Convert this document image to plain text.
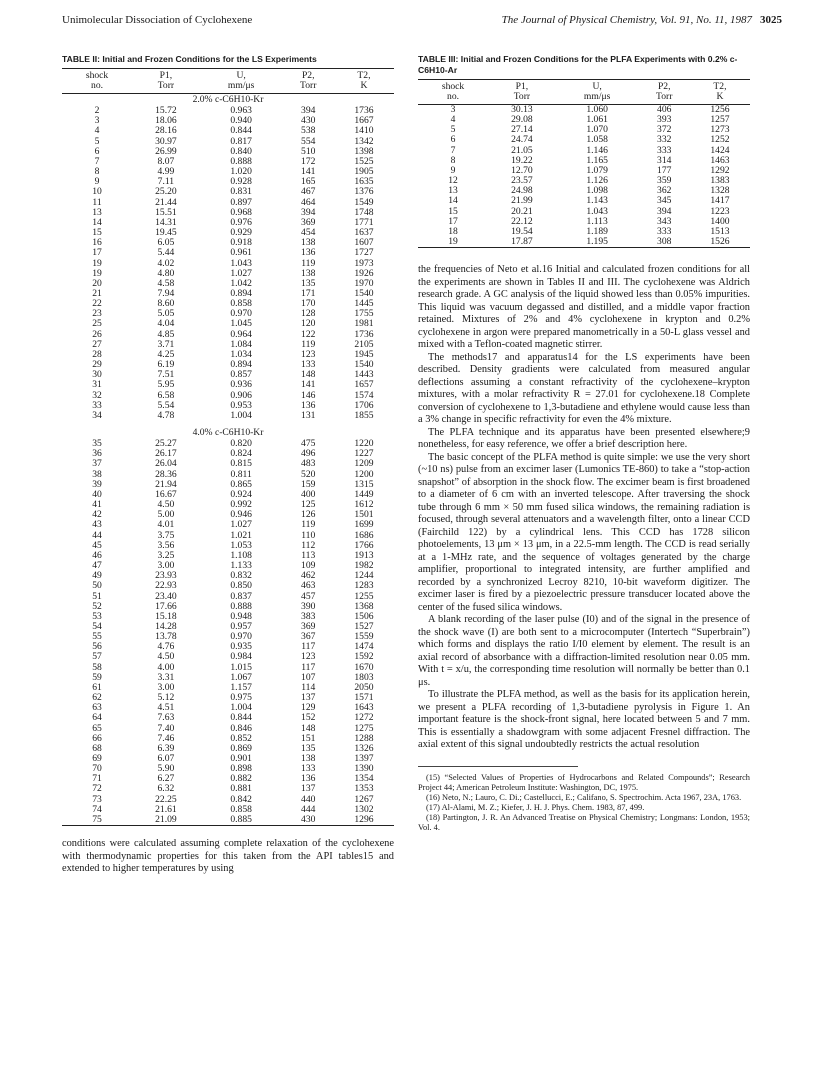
Unimolecular Dissociation of Cyclohexene	The Journal of Physical Chemistry, Vol. 91, No. 11, 1987 3025
TABLE II: Initial and Frozen Conditions for the LS Experiments
shock	P1,	U,	P2,	T2,
no.	Torr	mm/μs	Torr	K
2.0% c-C6H10-Kr				
2	15.72	0.963	394	1736
3	18.06	0.940	430	1667
4	28.16	0.844	538	1410
5	30.97	0.817	554	1342
6	26.99	0.840	510	1398
7	8.07	0.888	172	1525
8	4.99	1.020	141	1905
9	7.11	0.928	165	1635
10	25.20	0.831	467	1376
11	21.44	0.897	464	1549
13	15.51	0.968	394	1748
14	14.31	0.976	369	1771
15	19.45	0.929	454	1637
16	6.05	0.918	138	1607
17	5.44	0.961	136	1727
19	4.02	1.043	119	1973
19	4.80	1.027	138	1926
20	4.58	1.042	135	1970
21	7.94	0.894	171	1540
22	8.60	0.858	170	1445
23	5.05	0.970	128	1755
25	4.04	1.045	120	1981
26	4.85	0.964	122	1736
27	3.71	1.084	119	2105
28	4.25	1.034	123	1945
29	6.19	0.894	133	1540
30	7.51	0.857	148	1443
31	5.95	0.936	141	1657
32	6.58	0.906	146	1574
33	5.54	0.953	136	1706
34	4.78	1.004	131	1855
4.0% c-C6H10-Kr				
35	25.27	0.820	475	1220
36	26.17	0.824	496	1227
37	26.04	0.815	483	1209
38	28.36	0.811	520	1200
39	21.94	0.865	159	1315
40	16.67	0.924	400	1449
41	4.50	0.992	125	1612
42	5.00	0.946	126	1501
43	4.01	1.027	119	1699
44	3.75	1.021	110	1686
45	3.56	1.053	112	1766
46	3.25	1.108	113	1913
47	3.00	1.133	109	1982
49	23.93	0.832	462	1244
50	22.93	0.850	463	1283
51	23.40	0.837	457	1255
52	17.66	0.888	390	1368
53	15.18	0.948	383	1506
54	14.28	0.957	369	1527
55	13.78	0.970	367	1559
56	4.76	0.935	117	1474
57	4.50	0.984	123	1592
58	4.00	1.015	117	1670
59	3.31	1.067	107	1803
61	3.00	1.157	114	2050
62	5.12	0.975	137	1571
63	4.51	1.004	129	1643
64	7.63	0.844	152	1272
65	7.40	0.846	148	1275
66	7.46	0.852	151	1288
68	6.39	0.869	135	1326
69	6.07	0.901	138	1397
70	5.90	0.898	133	1390
71	6.27	0.882	136	1354
72	6.32	0.881	137	1353
73	22.25	0.842	440	1267
74	21.61	0.858	444	1302
75	21.09	0.885	430	1296
conditions were calculated assuming complete relaxation of the cyclohexene with thermodynamic properties for this taken from the API tables15 and extended to higher temperatures by using
TABLE III: Initial and Frozen Conditions for the PLFA Experiments with 0.2% c-C6H10-Ar
shock	P1,	U,	P2,	T2,
no.	Torr	mm/μs	Torr	K
3	30.13	1.060	406	1256
4	29.08	1.061	393	1257
5	27.14	1.070	372	1273
6	24.74	1.058	332	1252
7	21.05	1.146	333	1424
8	19.22	1.165	314	1463
9	12.70	1.079	177	1292
12	23.57	1.126	359	1383
13	24.98	1.098	362	1328
14	21.99	1.143	345	1417
15	20.21	1.043	394	1223
17	22.12	1.113	343	1400
18	19.54	1.189	333	1513
19	17.87	1.195	308	1526

the frequencies of Neto et al.16 Initial and calculated frozen conditions for all the experiments are shown in Tables II and III. The cyclohexene was Aldrich research grade. A GC analysis of the liquid showed less than 0.05% impurities. This liquid was vacuum degassed and distilled, and a middle vapor fraction retained. Mixtures of 2% and 4% cyclohexene in krypton and 0.2% cyclohexene in argon were prepared manometrically in a 50-L glass vessel and mixed with a Teflon-coated magnetic stirrer.

The methods17 and apparatus14 for the LS experiments have been described. Density gradients were calculated from measured angular deflections assuming a constant refractivity of the cyclohexene–krypton mixtures, with a molar refractivity R = 27.01 for cyclohexene.18 Complete conversion of cyclohexene to 1,3-butadiene and ethylene would cause less than a 3% change in specific refractivity for even the 4% mixture.

The PLFA technique and its apparatus have been presented elsewhere;9 nonetheless, for easy reference, we offer a brief description here.

The basic concept of the PLFA method is quite simple: we use the very short (~10 ns) pulse from an excimer laser (Lumonics TE-860) to take a “stop-action snapshot” of absorption in the shock flow. The excimer beam is first broadened to a diameter of 6 cm with an inverted telescope. After traversing the shock tube through 6 mm × 50 mm fused silica windows, the remaining radiation is focused, through several attenuators and a wavelength filter, onto a linear CCD (Fairchild 122) by a cylindrical lens. This CCD has 1728 silicon photoelements, 13 μm × 13 μm, in a 22.5-mm length. The CCD is read serially at a 1-MHz rate, and the sequence of voltages generated by the charge amplifier, proportional to integrated intensity, are further amplified and recorded by a synchronized Lecroy 8210, 10-bit waveform digitizer. The excimer laser is fired by a piezoelectric pressure transducer located above the center of the fused silica windows.

A blank recording of the laser pulse (I0) and of the signal in the presence of the shock wave (I) are both sent to a microcomputer (Intertech “Superbrain”) which forms and displays the ratio I/I0 element by element. The result is an axial record of absorbance with a diffraction-limited resolution near 0.05 mm. With t = x/u, the corresponding time resolution will normally be better than 0.1 μs.

To illustrate the PLFA method, as well as the basis for its application herein, we present a PLFA recording of 1,3-butadiene pyrolysis in Figure 1. An important feature is the shock-front signal, here located between 5 and 7 mm. This is essentially a shadowgram with some adjacent Fresnel diffraction. The axial extent of this signal undoubtedly restricts the actual resolution

(15) “Selected Values of Properties of Hydrocarbons and Related Compounds”; Research Project 44; American Petroleum Institute: Washington, DC, 1975.

(16) Neto, N.; Lauro, C. Di.; Castellucci, E.; Califano, S. Spectrochim. Acta 1967, 23A, 1763.

(17) Al-Alami, M. Z.; Kiefer, J. H. J. Phys. Chem. 1983, 87, 499.

(18) Partington, J. R. An Advanced Treatise on Physical Chemistry; Longmans: London, 1953; Vol. 4.
